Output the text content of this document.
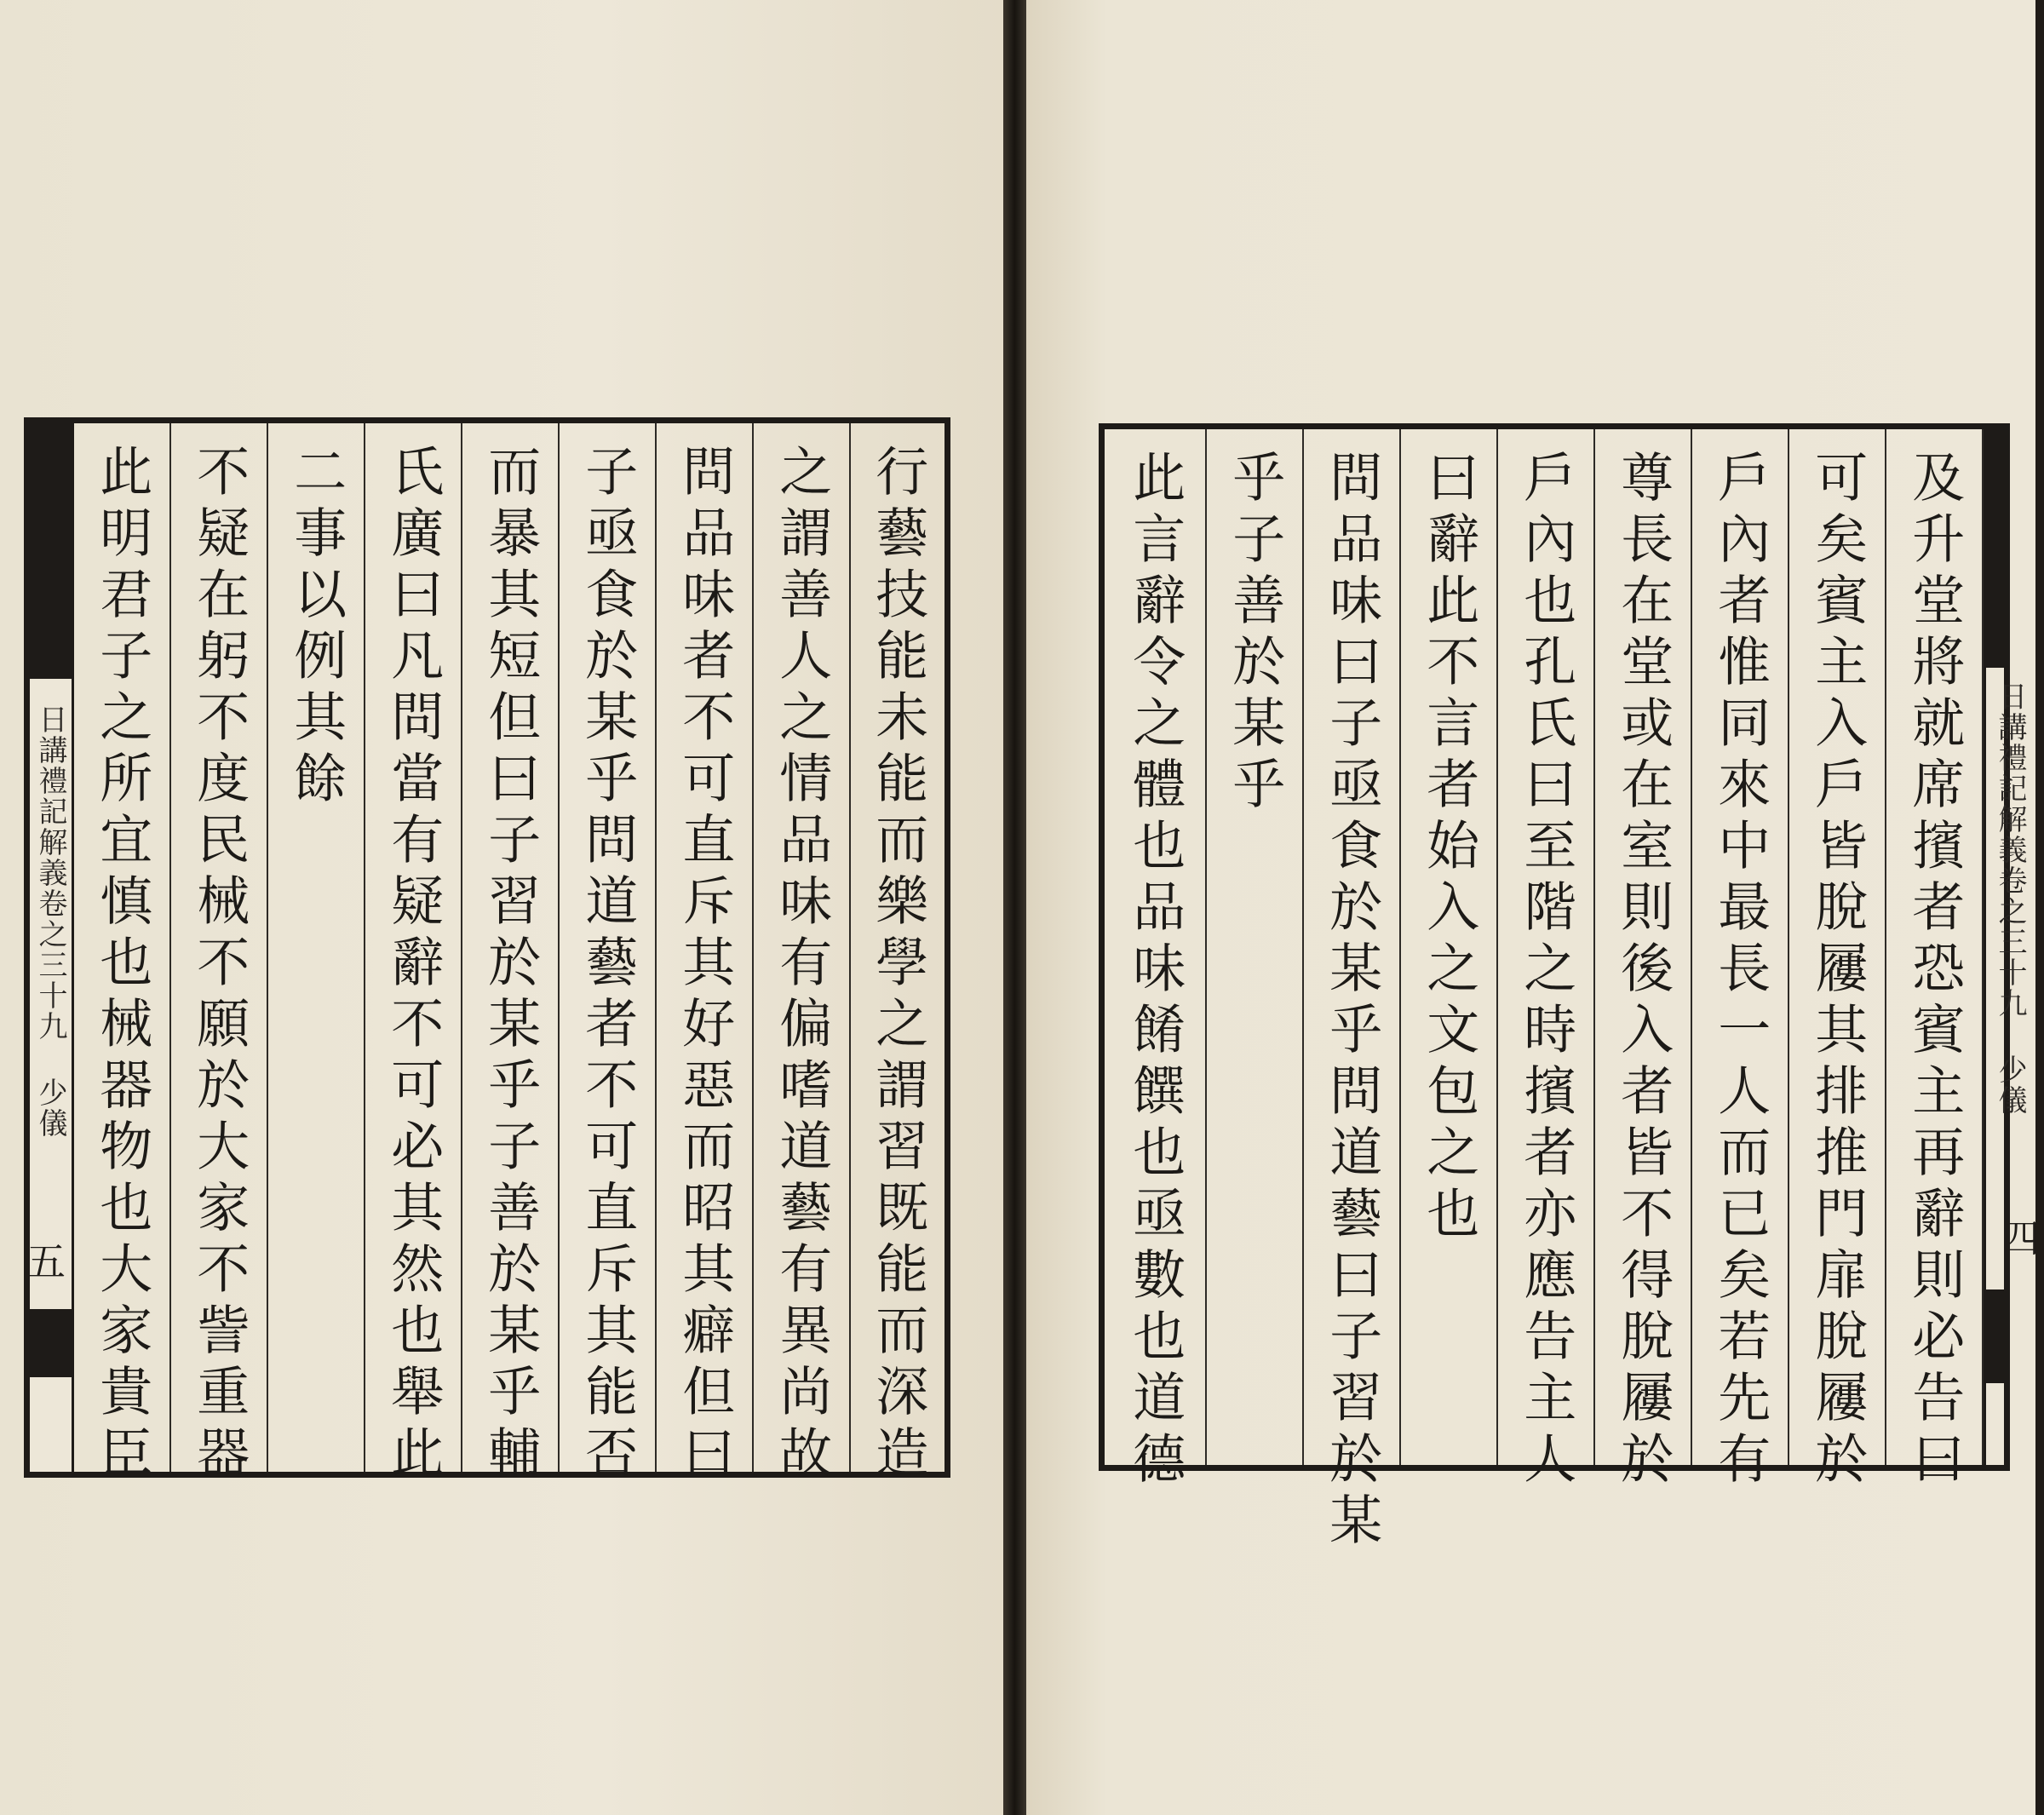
日講禮記解義卷之三十九 少儀
五 此明君子之所宜慎也械器物也大家貴臣 不疑在躬不度民械不願於大家不訾重器 二事以例其餘 氏廣曰凡問當有疑辭不可必其然也舉此 而暴其短但曰子習於某乎子善於某乎輔 子亟食於某乎問道藝者不可直斥其能否 問品味者不可直斥其好惡而昭其癖但曰 之謂善人之情品味有偏嗜道藝有異尚故 行藝技能未能而樂學之謂習既能而深造	此言辭令之體也品味餚饌也亟數也道德 乎子善於某乎 問品味曰子亟食於某乎問道藝曰子習於某 曰辭此不言者始入之文包之也 戶內也孔氏曰至階之時擯者亦應告主人 尊長在堂或在室則後入者皆不得脫屨於 戶內者惟同來中最長一人而已矣若先有 可矣賓主入戶皆脫屨其排推門扉脫屨於 及升堂將就席擯者恐賓主再辭則必告曰 日講禮記解義卷之三十九 少儀
四
